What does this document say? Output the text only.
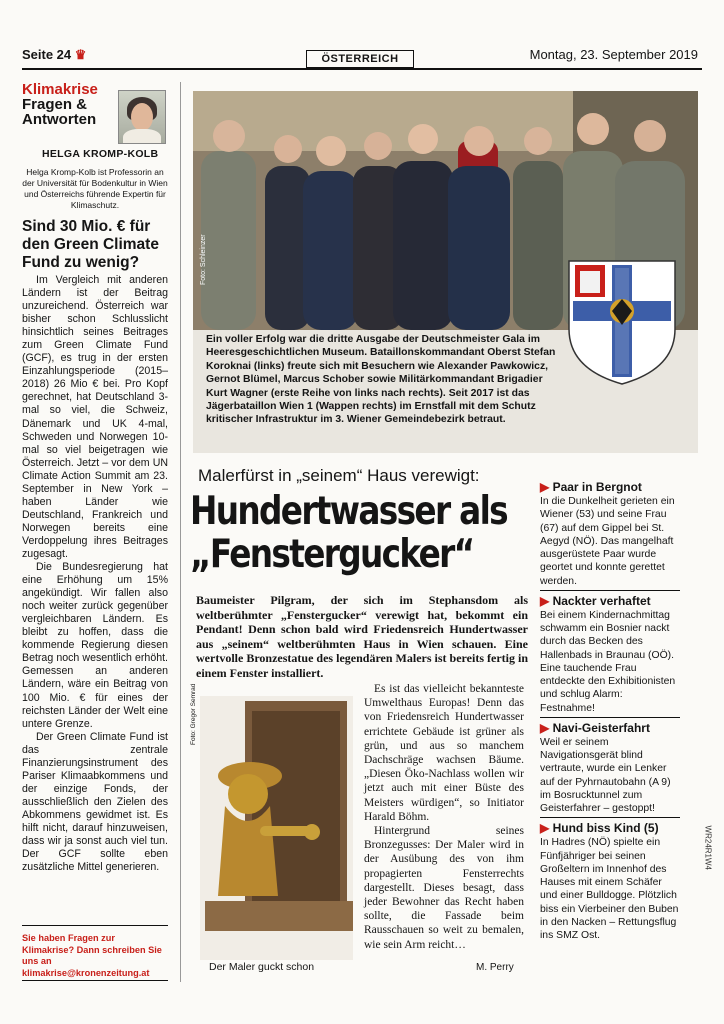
Seite 24 ♛	ÖSTERREICH	Montag, 23. September 2019
Klimakrise
Fragen &
Antworten
HELGA KROMP-KOLB
Helga Kromp-Kolb ist Professorin an der Universität für Bodenkultur in Wien und Österreichs führende Expertin für Klimaschutz.
Sind 30 Mio. € für den Green Climate Fund zu wenig?

Im Vergleich mit anderen Ländern ist der Beitrag unzureichend. Österreich war bisher schon Schlusslicht hinsichtlich seines Beitrages zum Green Climate Fund (GCF), es trug in der ersten Einzahlungsperiode (2015–2018) 26 Mio € bei. Pro Kopf gerechnet, hat Deutschland 3-mal so viel, die Schweiz, Dänemark und UK 4-mal, Schweden und Norwegen 10-mal so viel beigetragen wie Österreich. Jetzt – vor dem UN Climate Action Summit am 23. September in New York – haben Länder wie Deutschland, Frankreich und Norwegen bereits eine Verdoppelung ihres Beitrages zugesagt.

Die Bundesregierung hat eine Erhöhung um 15% angekündigt. Wir fallen also noch weiter zurück gegenüber vergleichbaren Ländern. Es bleibt zu hoffen, dass die kommende Regierung diesen Betrag noch wesentlich erhöht. Gemessen an anderen Ländern, wäre ein Beitrag von 100 Mio. € für eines der reichsten Länder der Welt eine untere Grenze.

Der Green Climate Fund ist das zentrale Finanzierungsinstrument des Pariser Klimaabkommens und der einzige Fonds, der ausschließlich den Zielen des Abkommens gewidmet ist. Es hilft nicht, darauf hinzuweisen, dass wir ja sonst auch viel tun. Der GCF sollte eben zusätzliche Mittel generieren.

Sie haben Fragen zur Klimakrise? Dann schreiben Sie uns an klimakrise@kronenzeitung.at
Foto: Schleinzer
Ein voller Erfolg war die dritte Ausgabe der Deutschmeister Gala im Heeresgeschichtlichen Museum. Bataillonskommandant Oberst Stefan Koroknai (links) freute sich mit Besuchern wie Alexander Pawkowicz, Gernot Blümel, Marcus Schober sowie Militärkommandant Brigadier Kurt Wagner (erste Reihe von links nach rechts). Seit 2017 ist das Jägerbataillon Wien 1 (Wappen rechts) im Ernstfall mit dem Schutz kritischer Infrastruktur im 3. Wiener Gemeindebezirk betraut.
Malerfürst in „seinem“ Haus verewigt:
Hundertwasser als
„Fenstergucker“
Baumeister Pilgram, der sich im Stephansdom als weltberühmter „Fenstergucker“ verewigt hat, bekommt ein Pendant! Denn schon bald wird Friedensreich Hundertwasser aus „seinem“ weltberühmten Haus in Wien schauen. Eine wertvolle Bronzestatue des legendären Malers ist bereits fertig in einem Fenster installiert.
Foto: Gregor Semrad
Der Maler guckt schon

Es ist das vielleicht bekannteste Umwelthaus Europas! Denn das von Friedensreich Hundertwasser errichtete Gebäude ist grüner als grün, und aus so manchem Dachschräge wachsen Bäume. „Diesen Öko-Nachlass wollen wir jetzt auch mit einer Büste des Meisters würdigen“, so Initiator Harald Böhm.

Hintergrund seines Bronzegusses: Der Maler wird in der Ausübung des von ihm propagierten Fensterrechts dargestellt. Dieses besagt, dass jeder Bewohner das Recht haben sollte, die Fassade beim Rausschauen so weit zu bemalen, wie sein Arm reicht…

M. Perry
▶ Paar in Bergnot
In die Dunkelheit gerieten ein Wiener (53) und seine Frau (67) auf dem Gippel bei St. Aegyd (NÖ). Das mangelhaft ausgerüstete Paar wurde geortet und konnte gerettet werden.
▶ Nackter verhaftet
Bei einem Kindernachmittag schwamm ein Bosnier nackt durch das Becken des Hallenbads in Braunau (OÖ). Eine tauchende Frau entdeckte den Exhibitionisten und schlug Alarm: Festnahme!
▶ Navi-Geisterfahrt
Weil er seinem Navigationsgerät blind vertraute, wurde ein Lenker auf der Pyhrnautobahn (A 9) im Bosrucktunnel zum Geisterfahrer – gestoppt!
▶ Hund biss Kind (5)
In Hadres (NÖ) spielte ein Fünfjähriger bei seinen Großeltern im Innenhof des Hauses mit einem Schäfer und einer Bulldogge. Plötzlich biss ein Vierbeiner den Buben in den Nacken – Rettungsflug ins SMZ Ost.
WR24R1W4
